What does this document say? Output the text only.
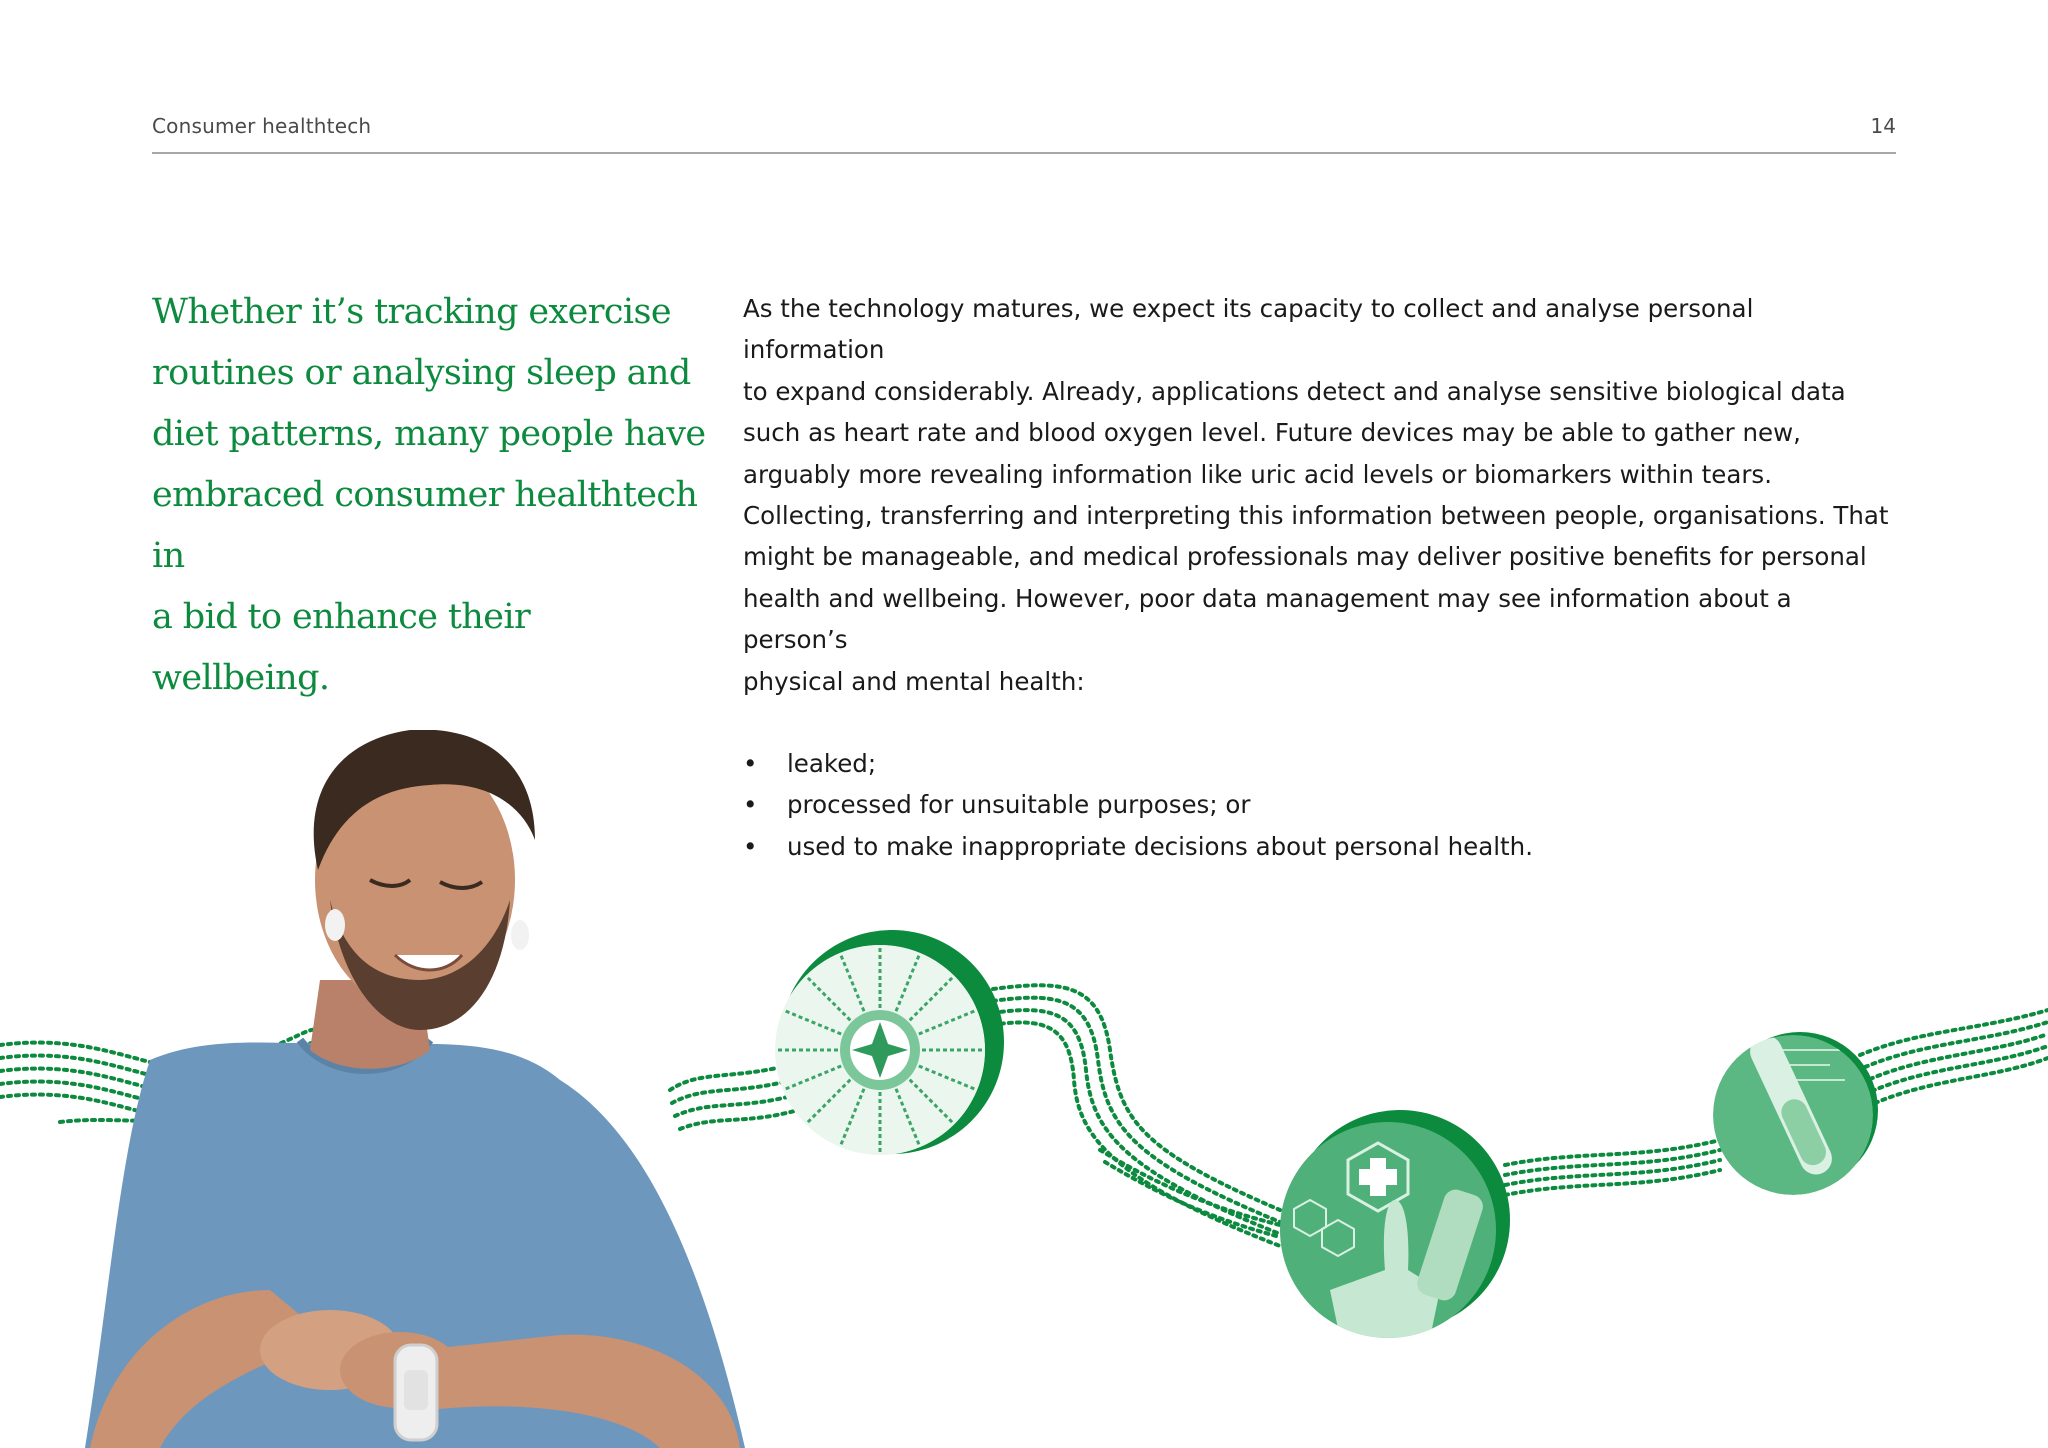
Consumer healthtech	14
Whether it’s tracking exercise
routines or analysing sleep and
diet patterns, many people have
embraced consumer healthtech in
a bid to enhance their wellbeing.
As the technology matures, we expect its capacity to collect and analyse personal information
to expand considerably. Already, applications detect and analyse sensitive biological data
such as heart rate and blood oxygen level. Future devices may be able to gather new,
arguably more revealing information like uric acid levels or biomarkers within tears.
Collecting, transferring and interpreting this information between people, organisations. That
might be manageable, and medical professionals may deliver positive benefits for personal
health and wellbeing. However, poor data management may see information about a person’s
physical and mental health:
• leaked;
• processed for unsuitable purposes; or
• used to make inappropriate decisions about personal health.
